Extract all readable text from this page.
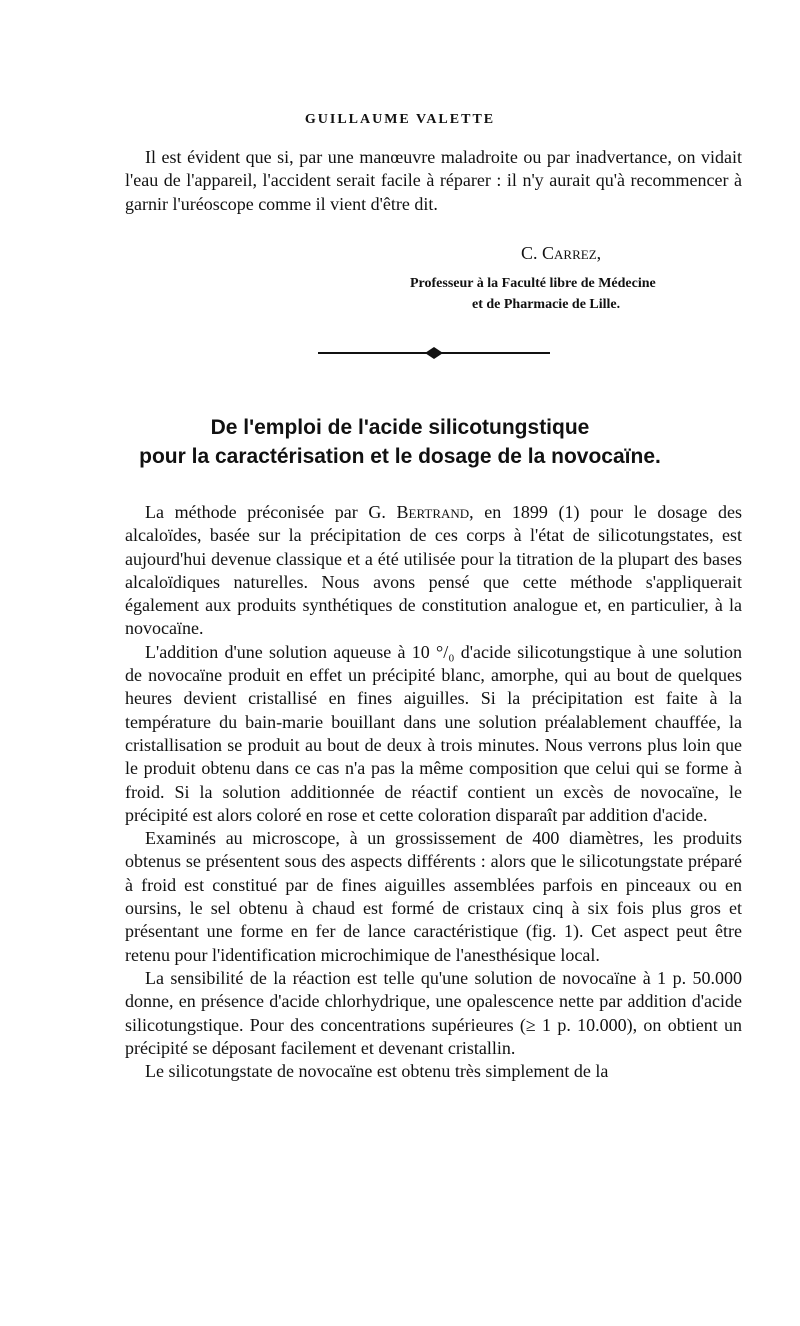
GUILLAUME VALETTE

Il est évident que si, par une manœuvre maladroite ou par inadvertance, on vidait l'eau de l'appareil, l'accident serait facile à réparer : il n'y aurait qu'à recommencer à garnir l'uréoscope comme il vient d'être dit.

C. Carrez,
Professeur à la Faculté libre de Médecine
et de Pharmacie de Lille.
De l'emploi de l'acide silicotungstique
pour la caractérisation et le dosage de la novocaïne.

La méthode préconisée par G. Bertrand, en 1899 (1) pour le dosage des alcaloïdes, basée sur la précipitation de ces corps à l'état de silicotungstates, est aujourd'hui devenue classique et a été utilisée pour la titration de la plupart des bases alcaloïdiques naturelles. Nous avons pensé que cette méthode s'appliquerait également aux produits synthétiques de constitution analogue et, en particulier, à la novocaïne.

L'addition d'une solution aqueuse à 10 °/₀ d'acide silicotungstique à une solution de novocaïne produit en effet un précipité blanc, amorphe, qui au bout de quelques heures devient cristallisé en fines aiguilles. Si la précipitation est faite à la température du bain-marie bouillant dans une solution préalablement chauffée, la cristallisation se produit au bout de deux à trois minutes. Nous verrons plus loin que le produit obtenu dans ce cas n'a pas la même composition que celui qui se forme à froid. Si la solution additionnée de réactif contient un excès de novocaïne, le précipité est alors coloré en rose et cette coloration disparaît par addition d'acide.

Examinés au microscope, à un grossissement de 400 diamètres, les produits obtenus se présentent sous des aspects différents : alors que le silicotungstate préparé à froid est constitué par de fines aiguilles assemblées parfois en pinceaux ou en oursins, le sel obtenu à chaud est formé de cristaux cinq à six fois plus gros et présentant une forme en fer de lance caractéristique (fig. 1). Cet aspect peut être retenu pour l'identification microchimique de l'anesthésique local.

La sensibilité de la réaction est telle qu'une solution de novocaïne à 1 p. 50.000 donne, en présence d'acide chlorhydrique, une opalescence nette par addition d'acide silicotungstique. Pour des concentrations supérieures (≥ 1 p. 10.000), on obtient un précipité se déposant facilement et devenant cristallin.

Le silicotungstate de novocaïne est obtenu très simplement de la
